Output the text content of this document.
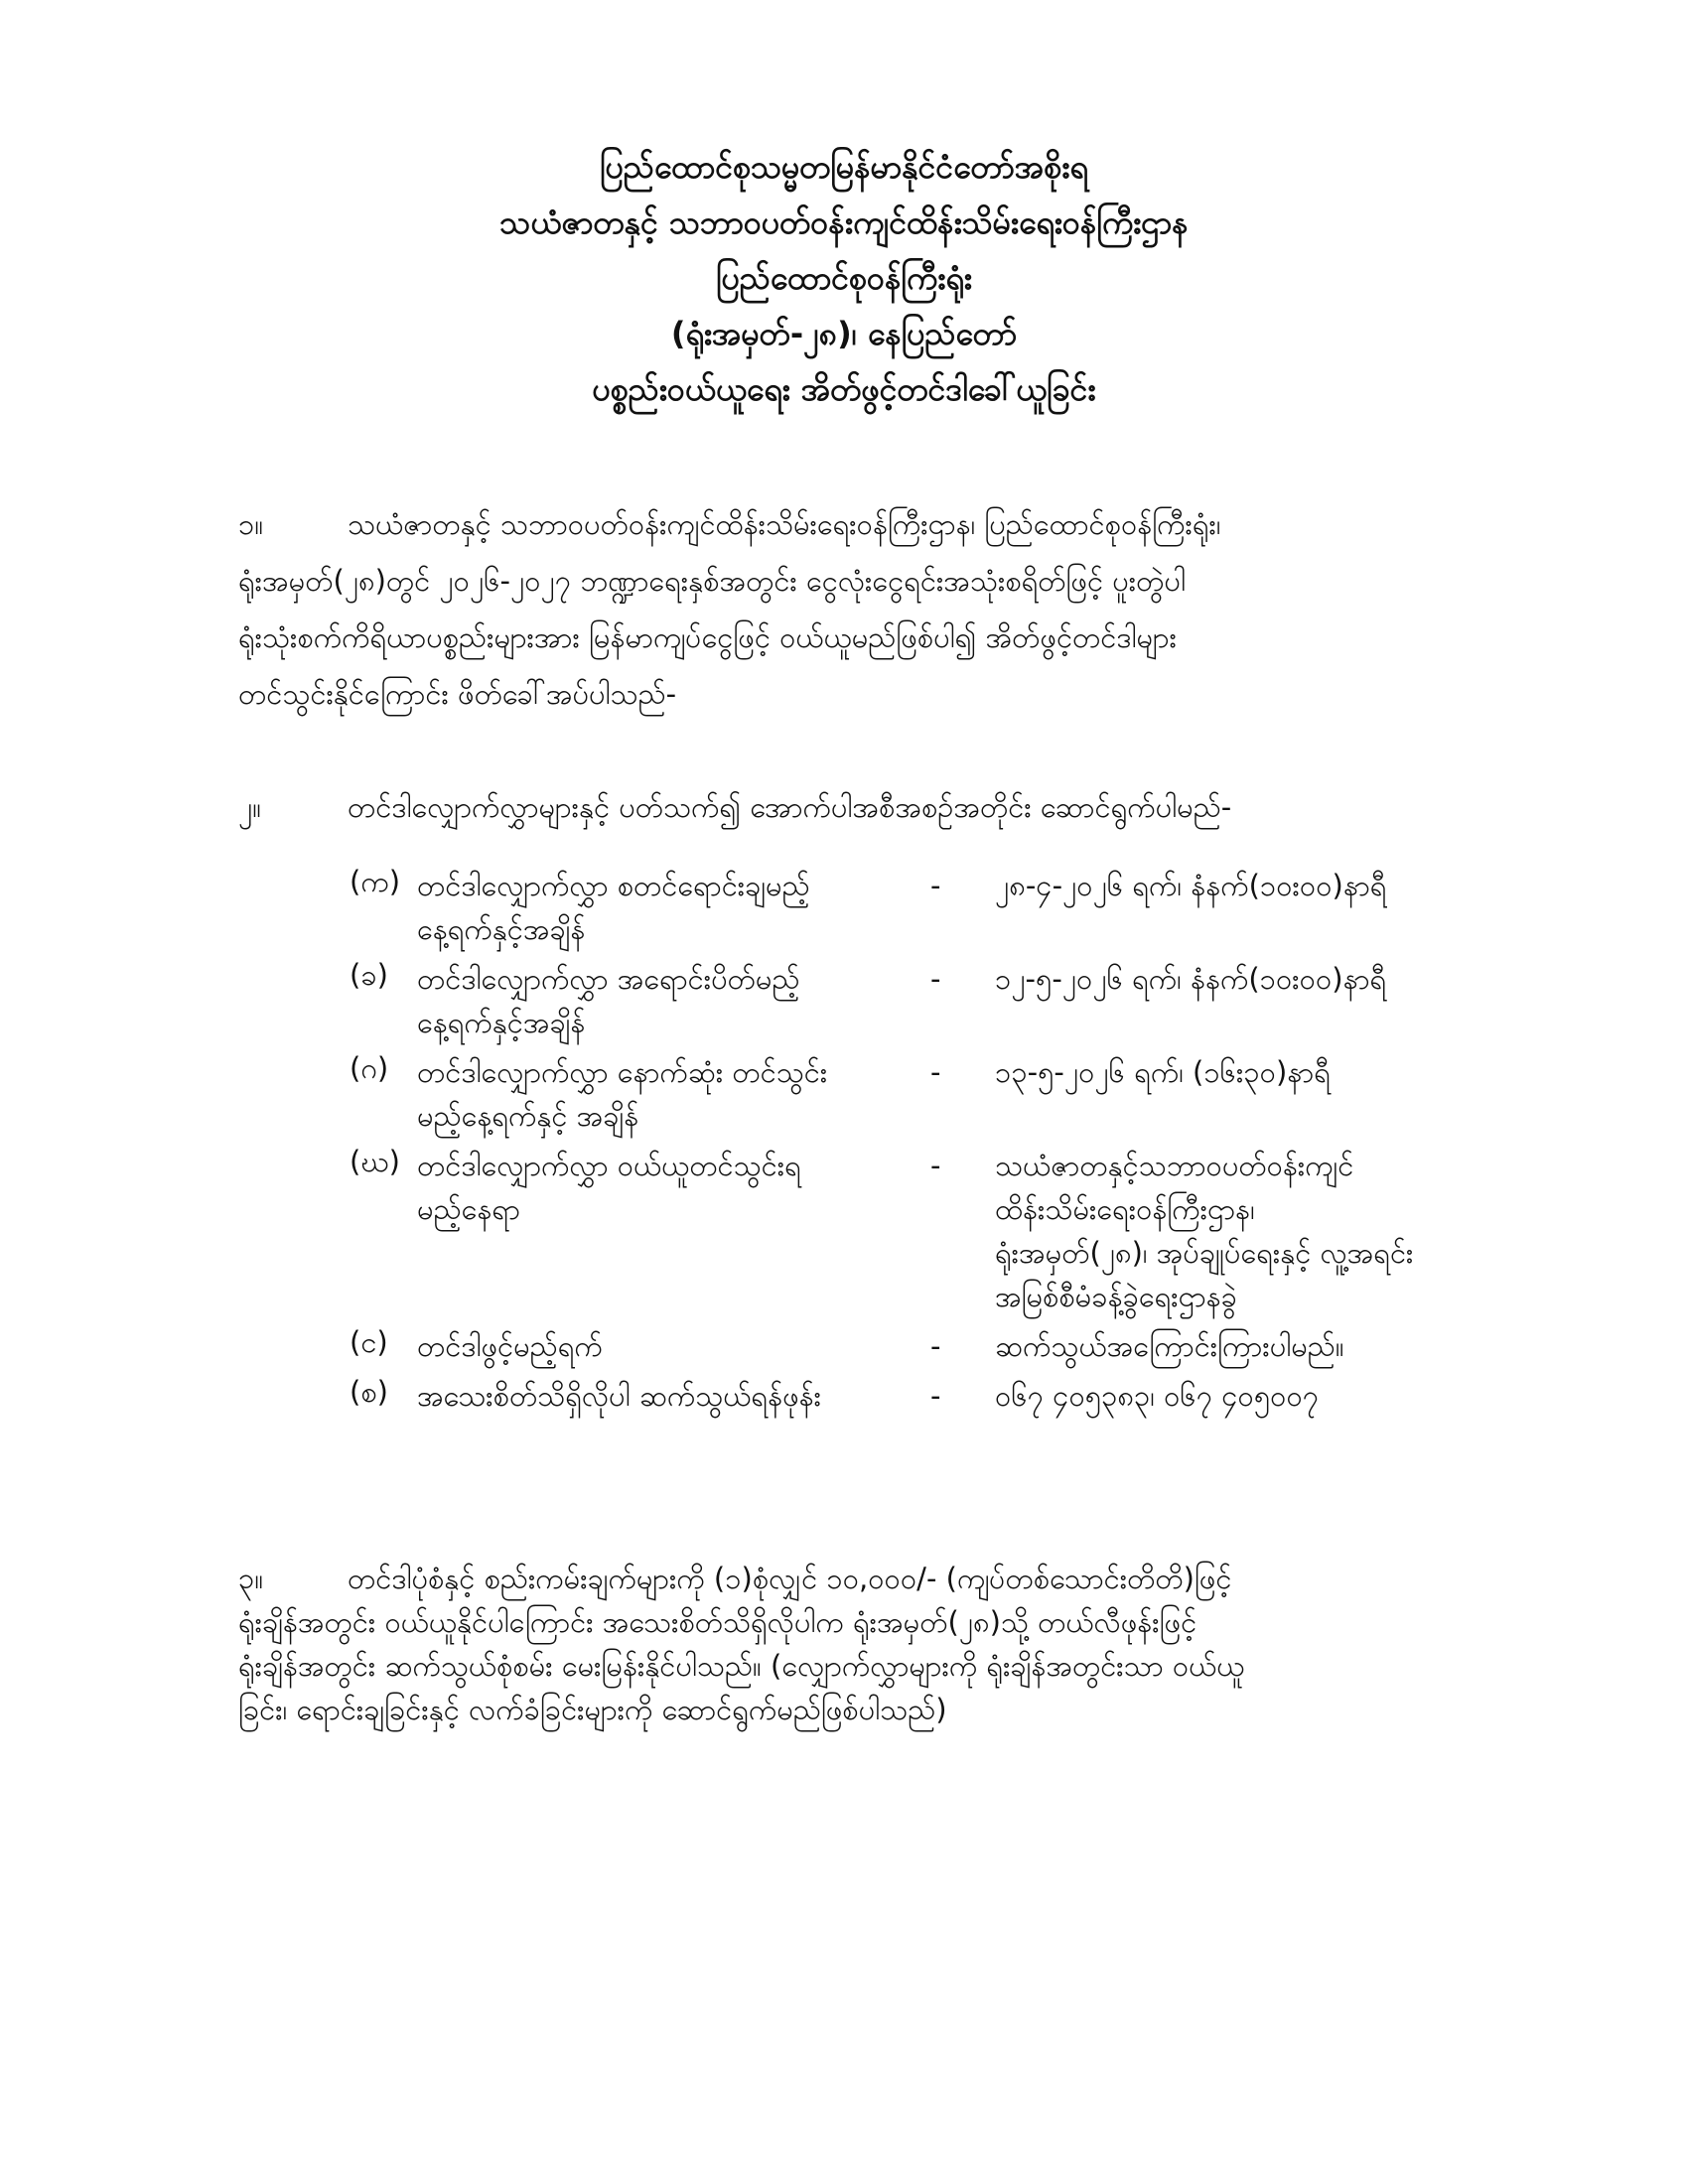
ပြည်ထောင်စုသမ္မတမြန်မာနိုင်ငံတော်အစိုးရ
သယံဇာတနှင့် သဘာဝပတ်ဝန်းကျင်ထိန်းသိမ်းရေးဝန်ကြီးဌာန
ပြည်ထောင်စုဝန်ကြီးရုံး
(ရုံးအမှတ်-၂၈)၊ နေပြည်တော်
ပစ္စည်းဝယ်ယူရေး အိတ်ဖွင့်တင်ဒါခေါ်ယူခြင်း
၁။	သယံဇာတနှင့် သဘာဝပတ်ဝန်းကျင်ထိန်းသိမ်းရေးဝန်ကြီးဌာန၊ ပြည်ထောင်စုဝန်ကြီးရုံး၊
ရုံးအမှတ်(၂၈)တွင် ၂၀၂၆-၂၀၂၇ ဘဏ္ဍာရေးနှစ်အတွင်း ငွေလုံးငွေရင်းအသုံးစရိတ်ဖြင့် ပူးတွဲပါ
ရုံးသုံးစက်ကိရိယာပစ္စည်းများအား မြန်မာကျပ်ငွေဖြင့် ဝယ်ယူမည်ဖြစ်ပါ၍ အိတ်ဖွင့်တင်ဒါများ
တင်သွင်းနိုင်ကြောင်း ဖိတ်ခေါ်အပ်ပါသည်-
၂။	တင်ဒါလျှောက်လွှာများနှင့် ပတ်သက်၍ အောက်ပါအစီအစဉ်အတိုင်း ဆောင်ရွက်ပါမည်-
(က) တင်ဒါလျှောက်လွှာ စတင်ရောင်းချမည့်
နေ့ရက်နှင့်အချိန်
-	၂၈-၄-၂၀၂၆ ရက်၊ နံနက်(၁၀း၀၀)နာရီ
(ခ) တင်ဒါလျှောက်လွှာ အရောင်းပိတ်မည့်
နေ့ရက်နှင့်အချိန်
-	၁၂-၅-၂၀၂၆ ရက်၊ နံနက်(၁၀း၀၀)နာရီ
(ဂ) တင်ဒါလျှောက်လွှာ နောက်ဆုံး တင်သွင်း
မည့်နေ့ရက်နှင့် အချိန်
-	၁၃-၅-၂၀၂၆ ရက်၊ (၁၆း၃၀)နာရီ
(ဃ) တင်ဒါလျှောက်လွှာ ဝယ်ယူတင်သွင်းရ
မည့်နေရာ
-	သယံဇာတနှင့်သဘာဝပတ်ဝန်းကျင်
ထိန်းသိမ်းရေးဝန်ကြီးဌာန၊
ရုံးအမှတ်(၂၈)၊ အုပ်ချုပ်ရေးနှင့် လူ့အရင်း
အမြစ်စီမံခန့်ခွဲရေးဌာနခွဲ
(င) တင်ဒါဖွင့်မည့်ရက်	-	ဆက်သွယ်အကြောင်းကြားပါမည်။
(စ) အသေးစိတ်သိရှိလိုပါ ဆက်သွယ်ရန်ဖုန်း	-	၀၆၇ ၄၀၅၃၈၃၊ ၀၆၇ ၄၀၅၀၀၇
၃။	တင်ဒါပုံစံနှင့် စည်းကမ်းချက်များကို (၁)စုံလျှင် ၁၀,၀၀၀/- (ကျပ်တစ်သောင်းတိတိ)ဖြင့်
ရုံးချိန်အတွင်း ဝယ်ယူနိုင်ပါကြောင်း အသေးစိတ်သိရှိလိုပါက ရုံးအမှတ်(၂၈)သို့ တယ်လီဖုန်းဖြင့်
ရုံးချိန်အတွင်း ဆက်သွယ်စုံစမ်း မေးမြန်းနိုင်ပါသည်။ (လျှောက်လွှာများကို ရုံးချိန်အတွင်းသာ ဝယ်ယူ
ခြင်း၊ ရောင်းချခြင်းနှင့် လက်ခံခြင်းများကို ဆောင်ရွက်မည်ဖြစ်ပါသည်)
